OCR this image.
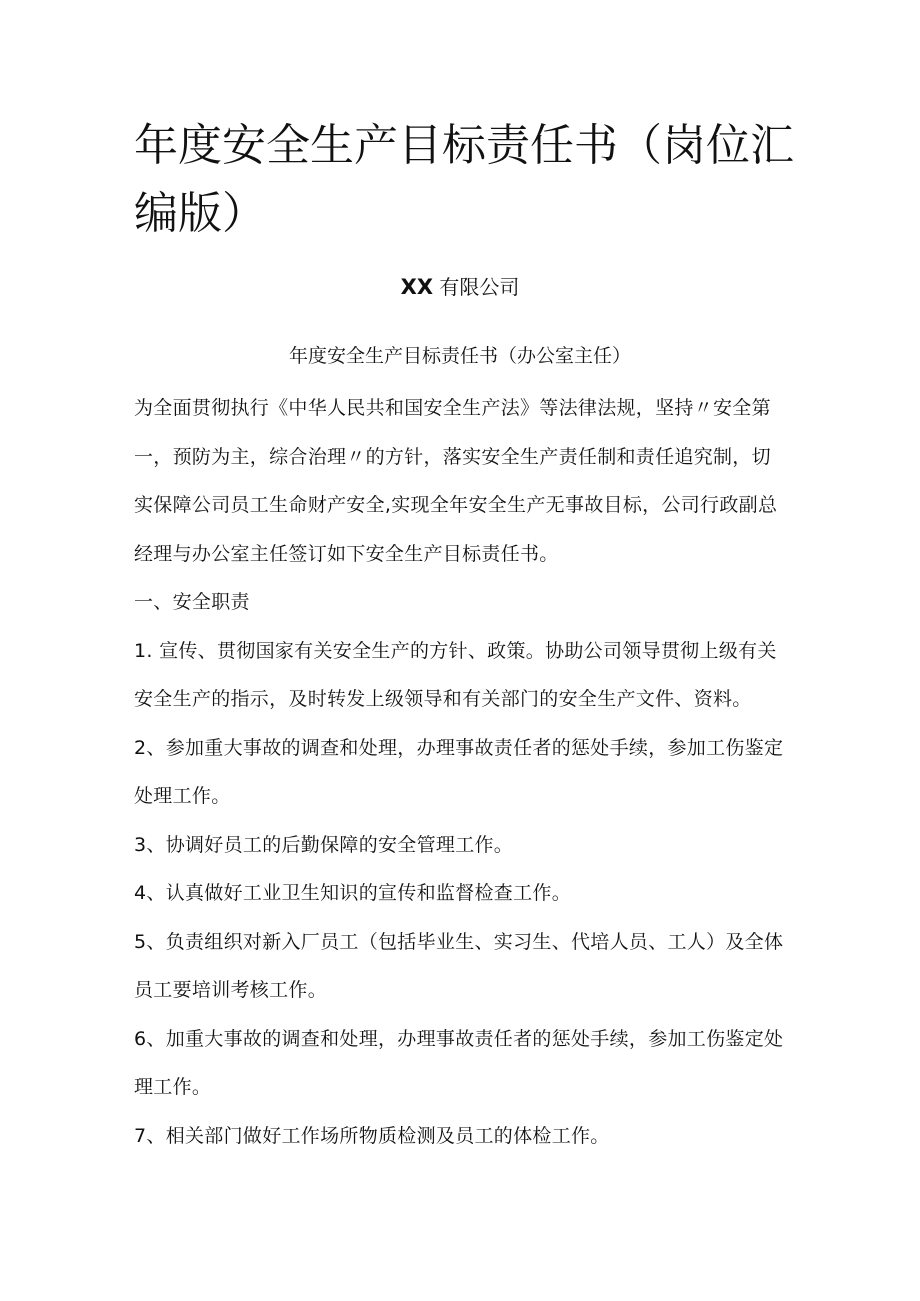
年度安全生产目标责任书（岗位汇编版）
XX 有限公司
年度安全生产目标责任书（办公室主任）

为全面贯彻执行《中华人民共和国安全生产法》等法律法规，坚持〃安全第一，预防为主，综合治理〃的方针，落实安全生产责任制和责任追究制，切实保障公司员工生命财产安全,实现全年安全生产无事故目标，公司行政副总经理与办公室主任签订如下安全生产目标责任书。

一、安全职责

1. 宣传、贯彻国家有关安全生产的方针、政策。协助公司领导贯彻上级有关安全生产的指示，及时转发上级领导和有关部门的安全生产文件、资料。

2、参加重大事故的调查和处理，办理事故责任者的惩处手续，参加工伤鉴定处理工作。

3、协调好员工的后勤保障的安全管理工作。

4、认真做好工业卫生知识的宣传和监督检查工作。

5、负责组织对新入厂员工（包括毕业生、实习生、代培人员、工人）及全体员工要培训考核工作。

6、加重大事故的调查和处理，办理事故责任者的惩处手续，参加工伤鉴定处理工作。

7、相关部门做好工作场所物质检测及员工的体检工作。
